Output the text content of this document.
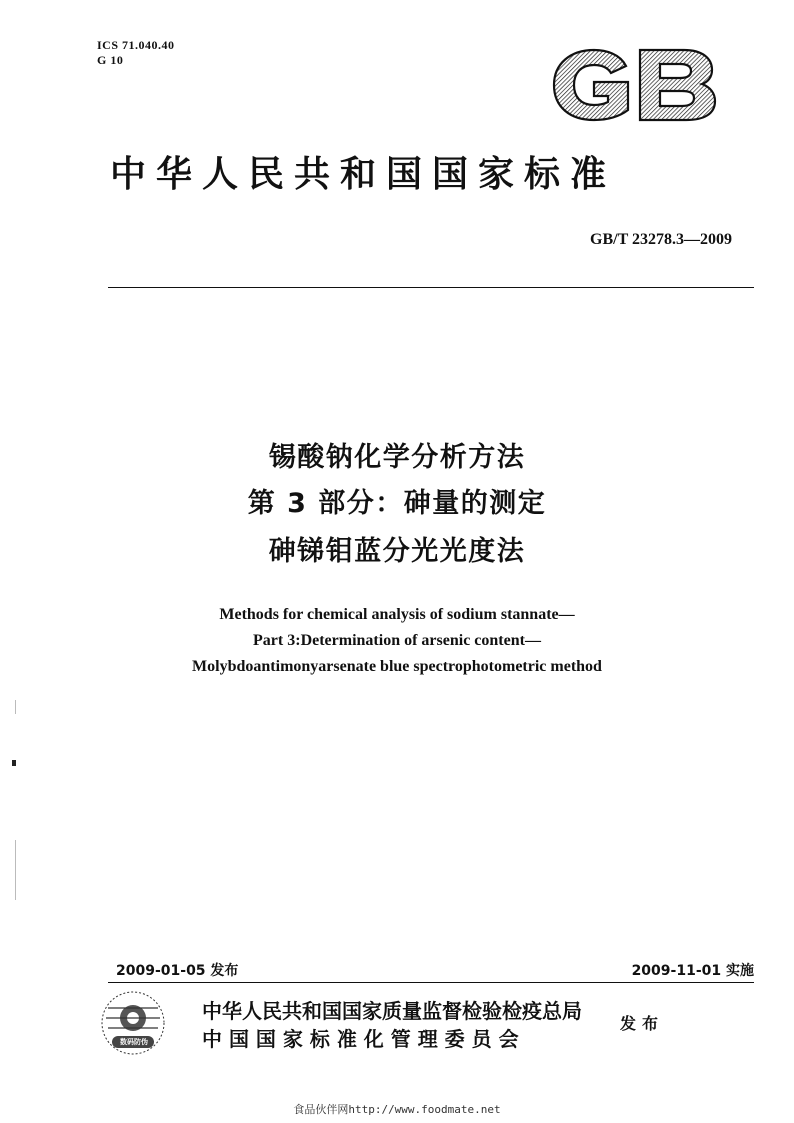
ICS 71.040.40
G 10
中华人民共和国国家标准
GB/T 23278.3—2009
锡酸钠化学分析方法
第 3 部分：砷量的测定
砷锑钼蓝分光光度法
Methods for chemical analysis of sodium stannate—
Part 3:Determination of arsenic content—
Molybdoantimonyarsenate blue spectrophotometric method
2009-01-05 发布	2009-11-01 实施
数码防伪
中华人民共和国国家质量监督检验检疫总局
中 国 国 家 标 准 化 管 理 委 员 会
发布
食品伙伴网http://www.foodmate.net
